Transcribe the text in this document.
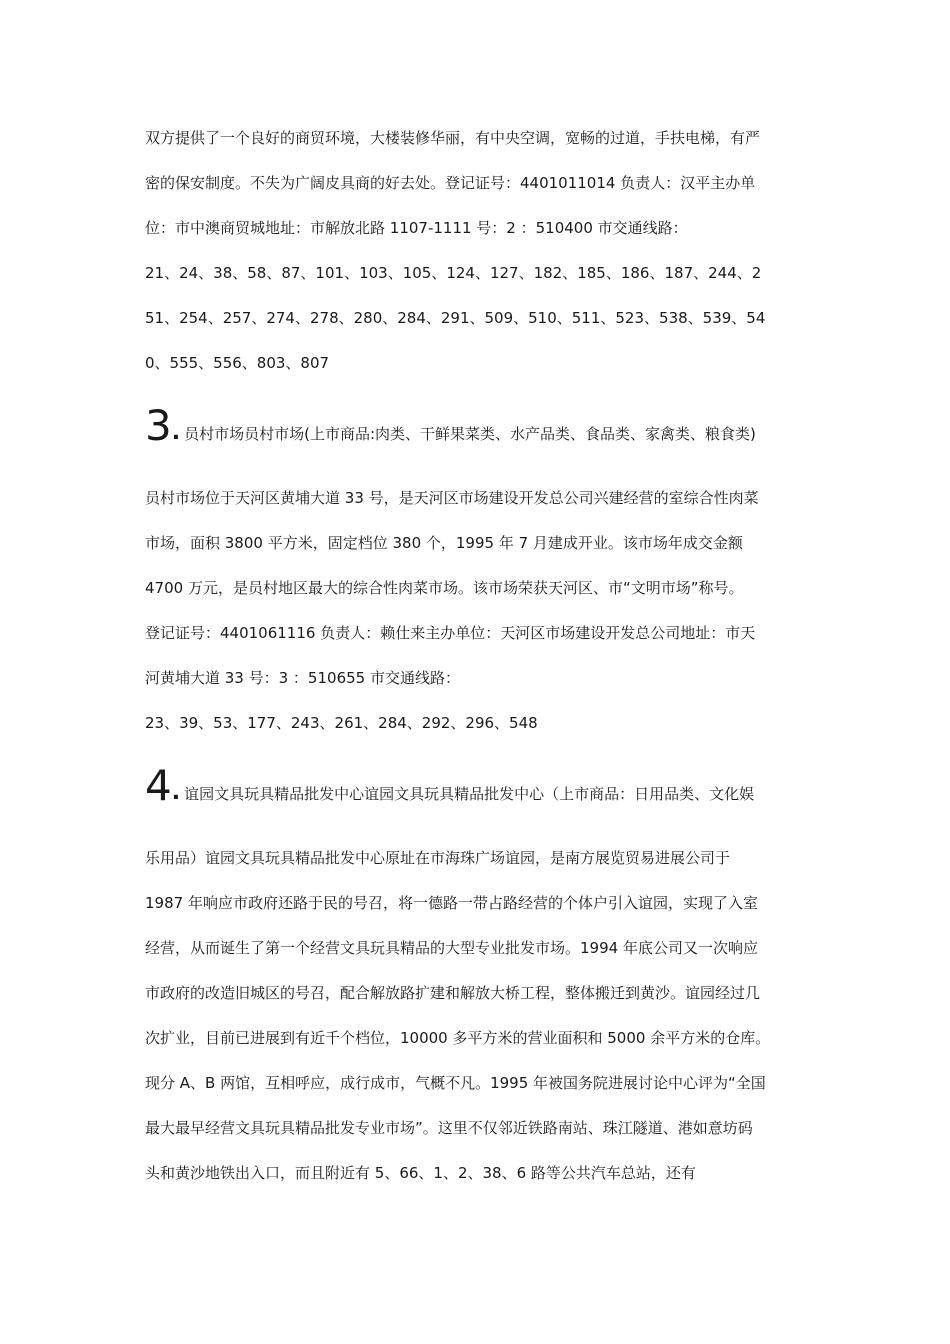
双方提供了一个良好的商贸环境，大楼装修华丽，有中央空调，宽畅的过道，手扶电梯，有严
密的保安制度。不失为广阔皮具商的好去处。登记证号：4401011014 负责人：汉平主办单
位：市中澳商贸城地址：市解放北路 1107-1111 号：2 ：510400 市交通线路：
21、24、38、58、87、101、103、105、124、127、182、185、186、187、244、2
51、254、257、274、278、280、284、291、509、510、511、523、538、539、54
0、555、556、803、807
3 . 员村市场员村市场(上市商品:肉类、干鲜果菜类、水产品类、食品类、家禽类、粮食类)
员村市场位于天河区黄埔大道 33 号，是天河区市场建设开发总公司兴建经营的室综合性肉菜
市场，面积 3800 平方米，固定档位 380 个，1995 年 7 月建成开业。该市场年成交金额
4700 万元，是员村地区最大的综合性肉菜市场。该市场荣获天河区、市“文明市场”称号。
登记证号：4401061116 负责人：赖仕来主办单位：天河区市场建设开发总公司地址：市天
河黄埔大道 33 号：3 ：510655 市交通线路：
23、39、53、177、243、261、284、292、296、548
4 . 谊园文具玩具精品批发中心谊园文具玩具精品批发中心（上市商品：日用品类、文化娱
乐用品）谊园文具玩具精品批发中心原址在市海珠广场谊园，是南方展览贸易进展公司于
1987 年响应市政府还路于民的号召，将一德路一带占路经营的个体户引入谊园，实现了入室
经营，从而诞生了第一个经营文具玩具精品的大型专业批发市场。1994 年底公司又一次响应
市政府的改造旧城区的号召，配合解放路扩建和解放大桥工程，整体搬迁到黄沙。谊园经过几
次扩业，目前已进展到有近千个档位，10000 多平方米的营业面积和 5000 余平方米的仓库。
现分 A、B 两馆，互相呼应，成行成市，气概不凡。1995 年被国务院进展讨论中心评为“全国
最大最早经营文具玩具精品批发专业市场”。这里不仅邻近铁路南站、珠江隧道、港如意坊码
头和黄沙地铁出入口，而且附近有 5、66、1、2、38、6 路等公共汽车总站，还有
